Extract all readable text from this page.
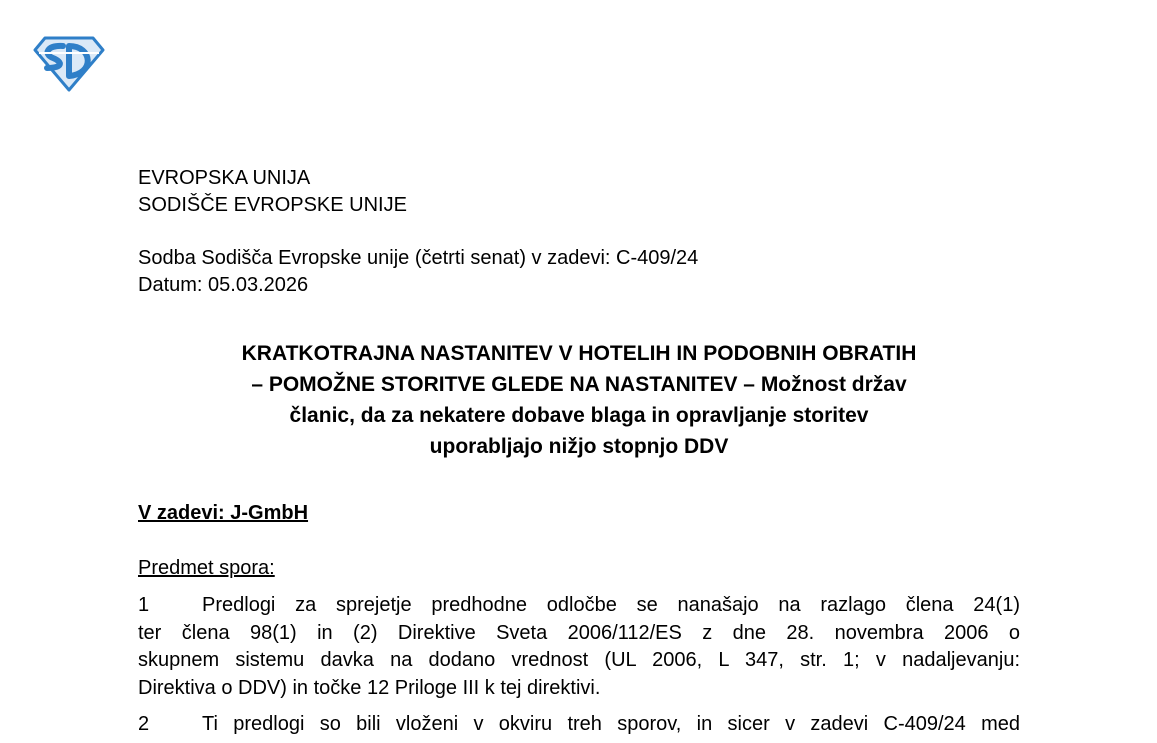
EVROPSKA UNIJA
SODIŠČE EVROPSKE UNIJE
Sodba Sodišča Evropske unije (četrti senat) v zadevi: C-409/24
Datum: 05.03.2026
KRATKOTRAJNA NASTANITEV V HOTELIH IN PODOBNIH OBRATIH
– POMOŽNE STORITVE GLEDE NA NASTANITEV – Možnost držav
članic, da za nekatere dobave blaga in opravljanje storitev
uporabljajo nižjo stopnjo DDV
V zadevi: J-GmbH
Predmet spora:
1	Predlogi za sprejetje predhodne odločbe se nanašajo na razlago člena 24(1)
ter člena 98(1) in (2) Direktive Sveta 2006/112/ES z dne 28. novembra 2006 o
skupnem sistemu davka na dodano vrednost (UL 2006, L 347, str. 1; v nadaljevanju:
Direktiva o DDV) in točke 12 Priloge III k tej direktivi.
2	Ti predlogi so bili vloženi v okviru treh sporov, in sicer v zadevi C-409/24 med
